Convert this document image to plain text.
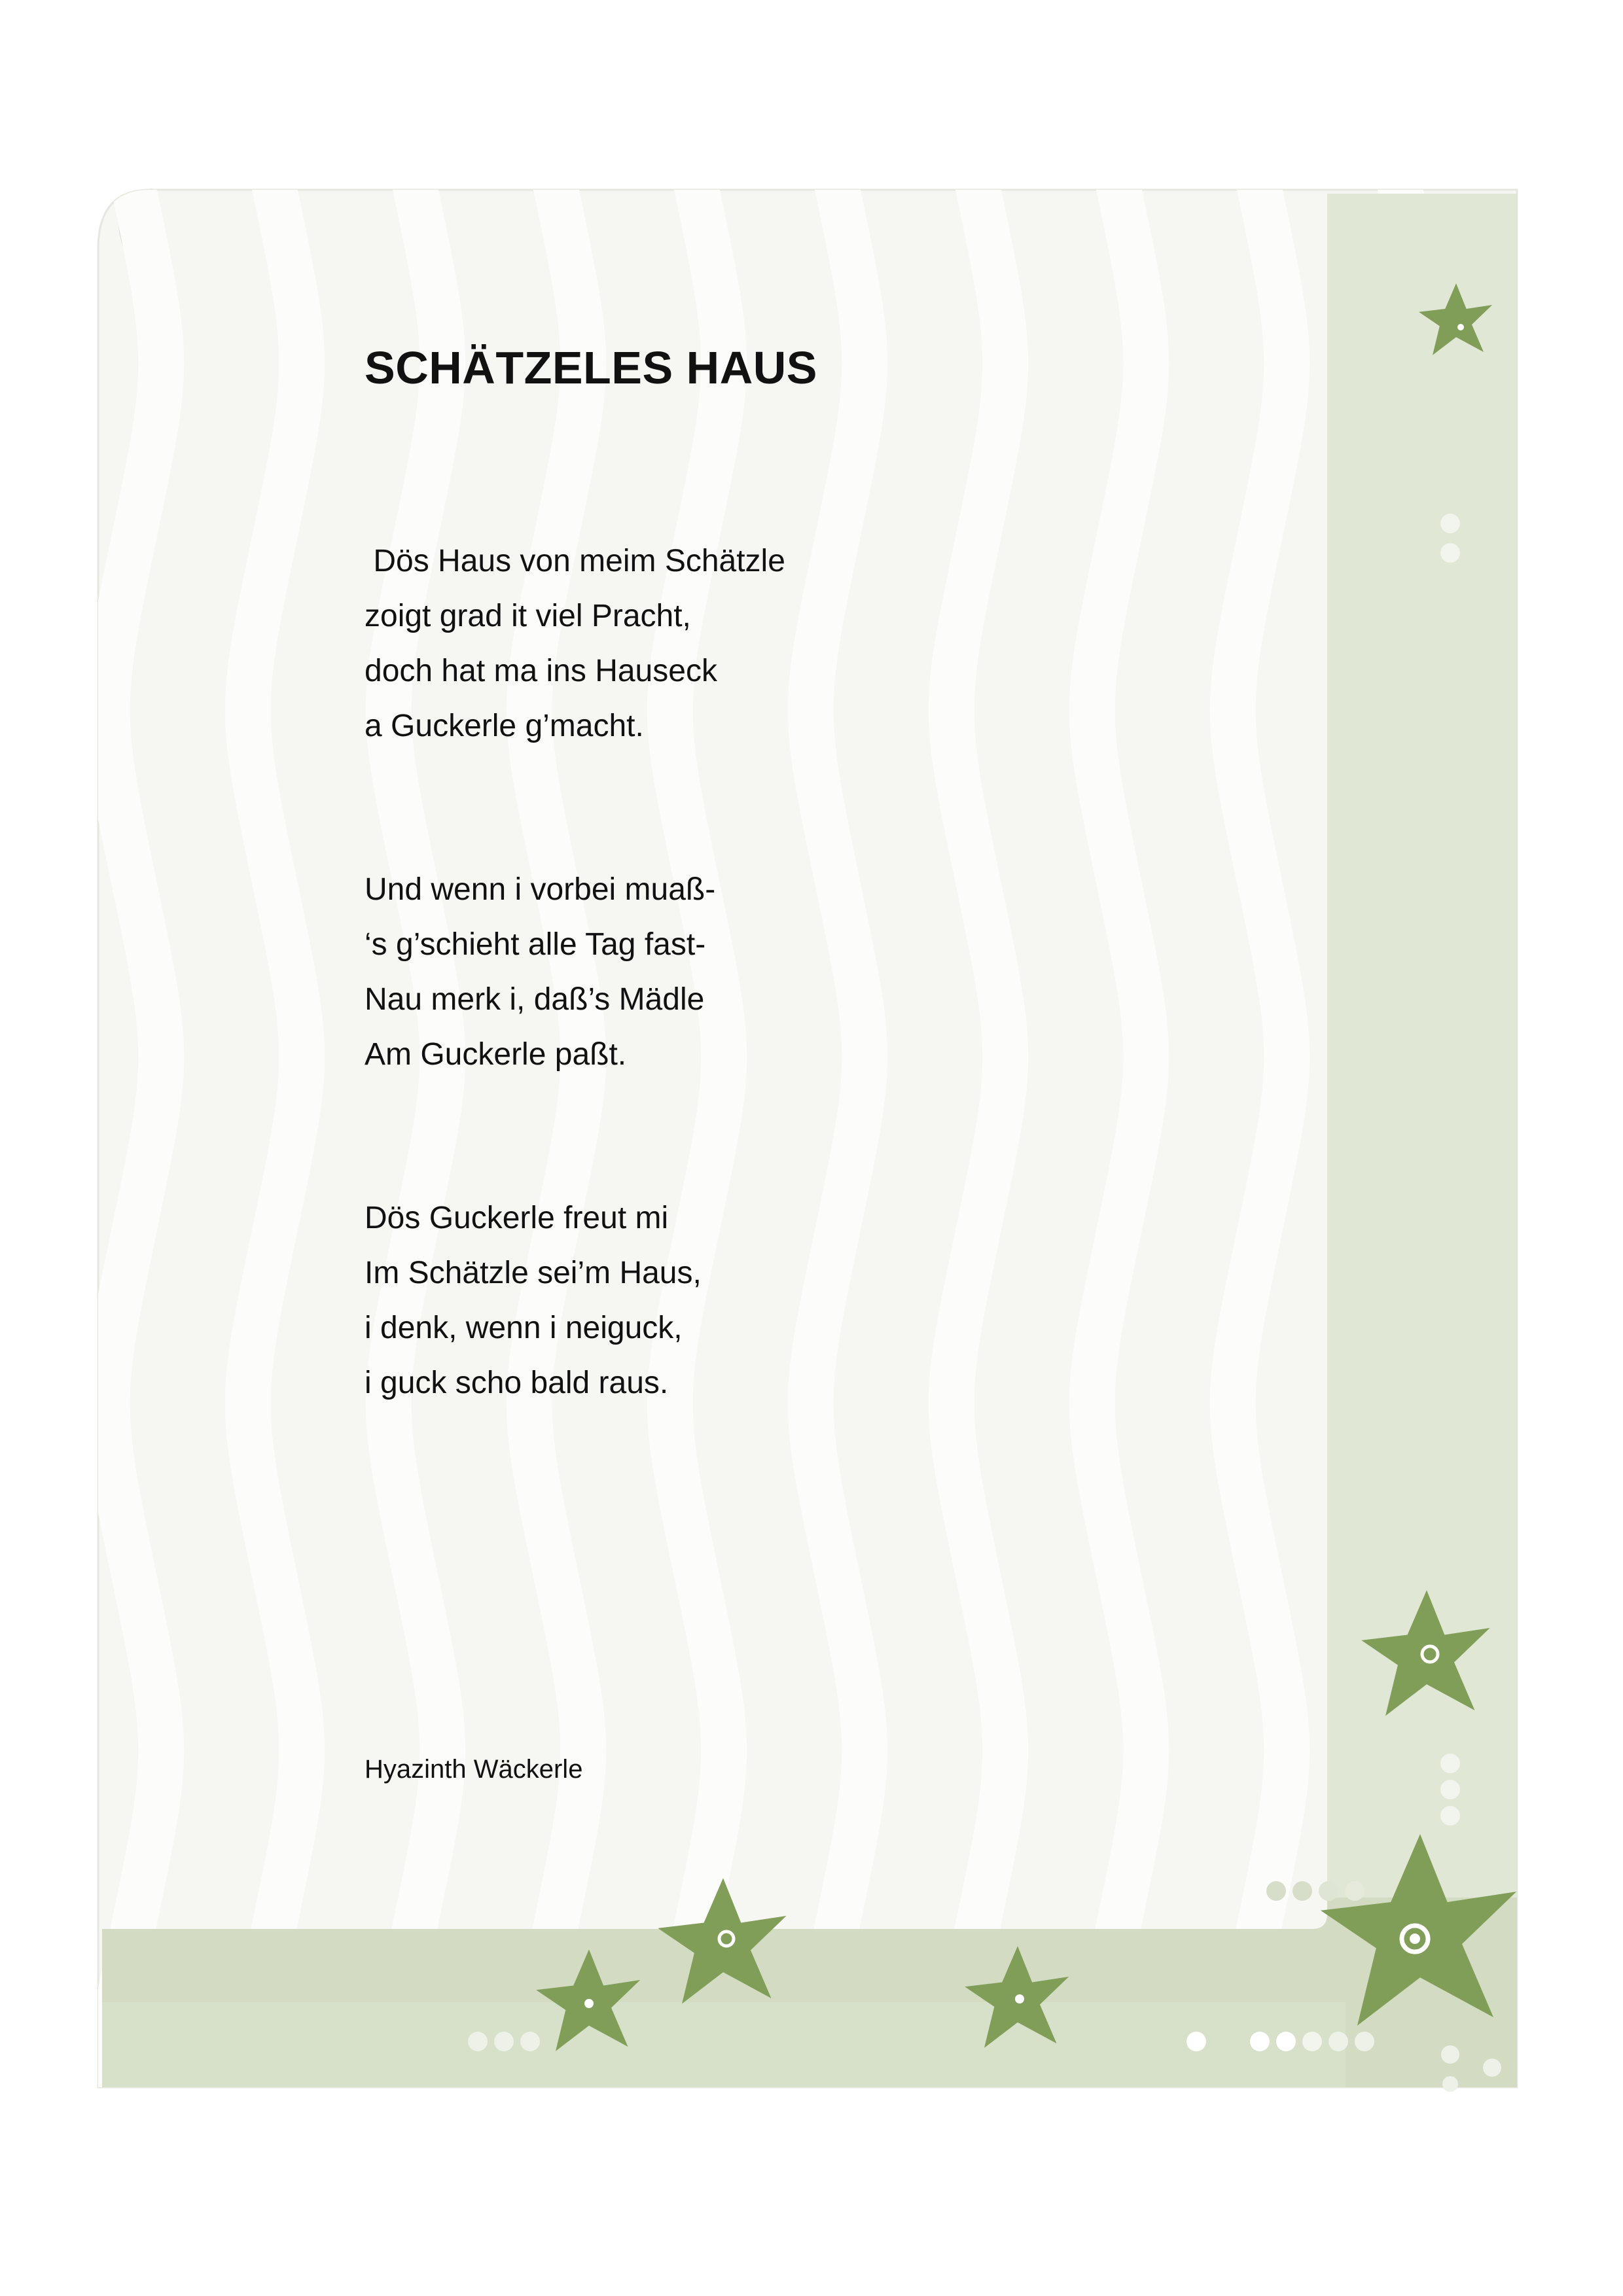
SCHÄTZELES HAUS
Dös Haus von meim Schätzle
zoigt grad it viel Pracht,
doch hat ma ins Hauseck
a Guckerle g’macht.
Und wenn i vorbei muaß-
‘s g’schieht alle Tag fast-
Nau merk i, daß’s Mädle
Am Guckerle paßt.
Dös Guckerle freut mi
Im Schätzle sei’m Haus,
i denk, wenn i neiguck,
i guck scho bald raus.
Hyazinth Wäckerle
